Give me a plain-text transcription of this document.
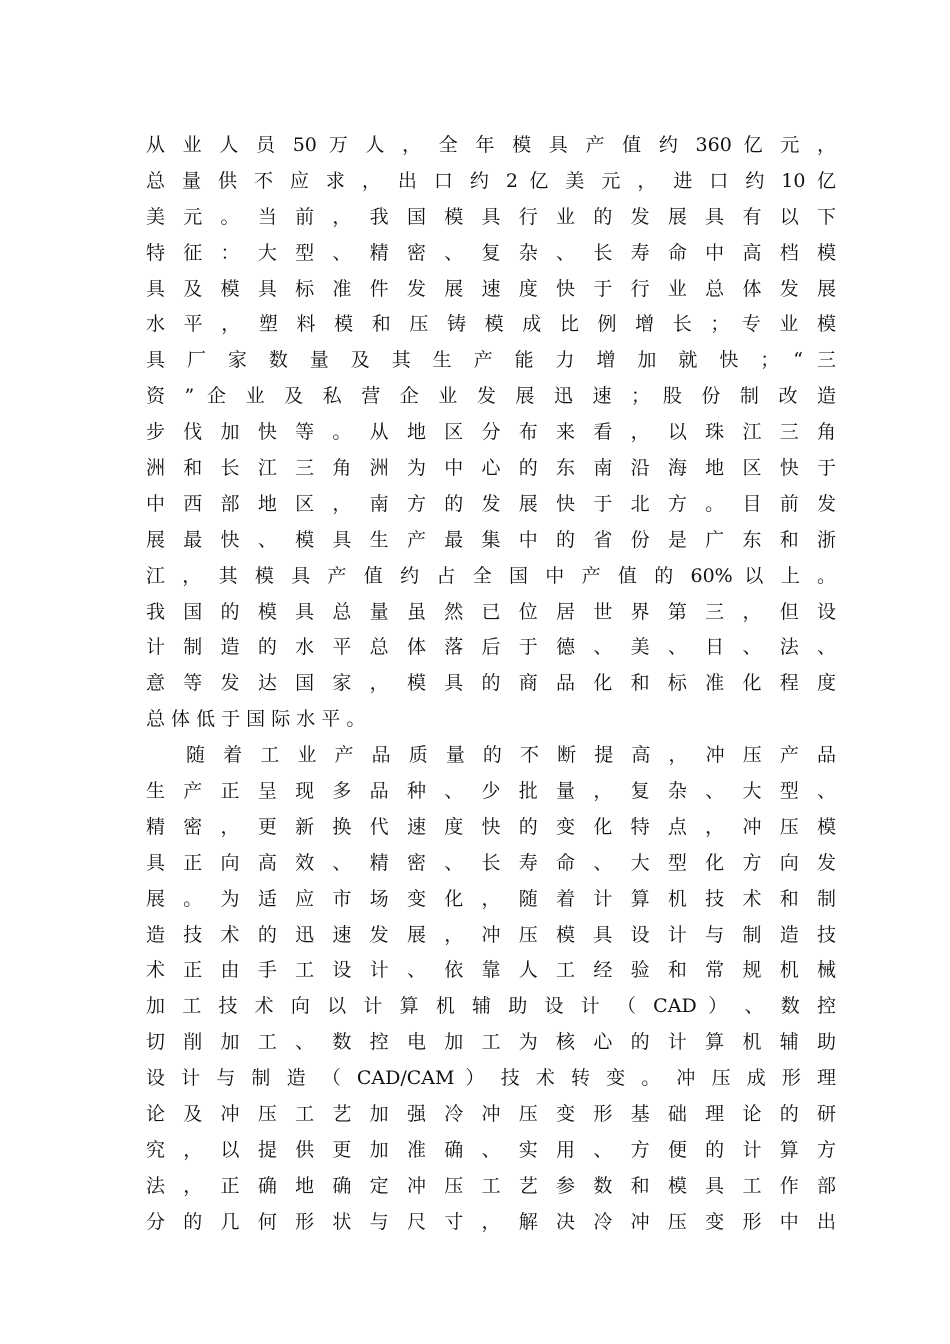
从 业 人 员 50 万 人 ， 全 年 模 具 产 值 约 360 亿 元 ，
总 量 供 不 应 求 ， 出 口 约 2 亿 美 元 ， 进 口 约 10 亿
美 元 。 当 前 ， 我 国 模 具 行 业 的 发 展 具 有 以 下
特 征 ： 大 型 、 精 密 、 复 杂 、 长 寿 命 中 高 档 模
具 及 模 具 标 准 件 发 展 速 度 快 于 行 业 总 体 发 展
水 平 ， 塑 料 模 和 压 铸 模 成 比 例 增 长 ； 专 业 模
具 厂 家 数 量 及 其 生 产 能 力 增 加 就 快 ； “ 三
资 ” 企 业 及 私 营 企 业 发 展 迅 速 ； 股 份 制 改 造
步 伐 加 快 等 。 从 地 区 分 布 来 看 ， 以 珠 江 三 角
洲 和 长 江 三 角 洲 为 中 心 的 东 南 沿 海 地 区 快 于
中 西 部 地 区 ， 南 方 的 发 展 快 于 北 方 。 目 前 发
展 最 快 、 模 具 生 产 最 集 中 的 省 份 是 广 东 和 浙
江 ， 其 模 具 产 值 约 占 全 国 中 产 值 的 60% 以 上 。
我 国 的 模 具 总 量 虽 然 已 位 居 世 界 第 三 ， 但 设
计 制 造 的 水 平 总 体 落 后 于 德 、 美 、 日 、 法 、
意 等 发 达 国 家 ， 模 具 的 商 品 化 和 标 准 化 程 度
总 体 低 于 国 际 水 平 。
随 着 工 业 产 品 质 量 的 不 断 提 高 ， 冲 压 产 品
生 产 正 呈 现 多 品 种 、 少 批 量 ， 复 杂 、 大 型 、
精 密 ， 更 新 换 代 速 度 快 的 变 化 特 点 ， 冲 压 模
具 正 向 高 效 、 精 密 、 长 寿 命 、 大 型 化 方 向 发
展 。 为 适 应 市 场 变 化 ， 随 着 计 算 机 技 术 和 制
造 技 术 的 迅 速 发 展 ， 冲 压 模 具 设 计 与 制 造 技
术 正 由 手 工 设 计 、 依 靠 人 工 经 验 和 常 规 机 械
加 工 技 术 向 以 计 算 机 辅 助 设 计 （ CAD ） 、 数 控
切 削 加 工 、 数 控 电 加 工 为 核 心 的 计 算 机 辅 助
设 计 与 制 造 （ CAD/CAM ） 技 术 转 变 。 冲 压 成 形 理
论 及 冲 压 工 艺 加 强 冷 冲 压 变 形 基 础 理 论 的 研
究 ， 以 提 供 更 加 准 确 、 实 用 、 方 便 的 计 算 方
法 ， 正 确 地 确 定 冲 压 工 艺 参 数 和 模 具 工 作 部
分 的 几 何 形 状 与 尺 寸 ， 解 决 冷 冲 压 变 形 中 出
